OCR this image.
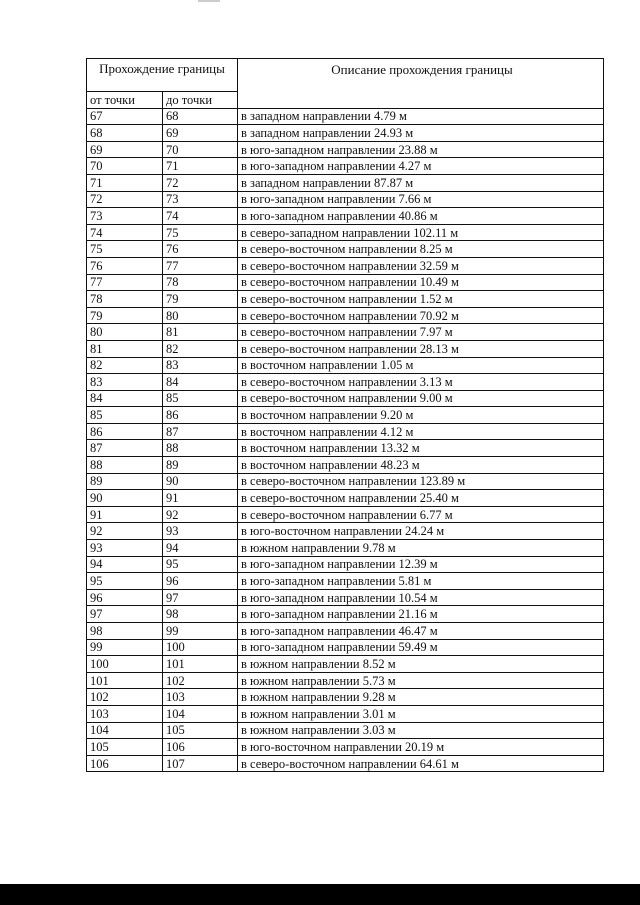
Прохождение границы		Описание прохождения границы
от точки	до точки	
67	68	в западном направлении 4.79 м
68	69	в западном направлении 24.93 м
69	70	в юго-западном направлении 23.88 м
70	71	в юго-западном направлении 4.27 м
71	72	в западном направлении 87.87 м
72	73	в юго-западном направлении 7.66 м
73	74	в юго-западном направлении 40.86 м
74	75	в северо-западном направлении 102.11 м
75	76	в северо-восточном направлении 8.25 м
76	77	в северо-восточном направлении 32.59 м
77	78	в северо-восточном направлении 10.49 м
78	79	в северо-восточном направлении 1.52 м
79	80	в северо-восточном направлении 70.92 м
80	81	в северо-восточном направлении 7.97 м
81	82	в северо-восточном направлении 28.13 м
82	83	в восточном направлении 1.05 м
83	84	в северо-восточном направлении 3.13 м
84	85	в северо-восточном направлении 9.00 м
85	86	в восточном направлении 9.20 м
86	87	в восточном направлении 4.12 м
87	88	в восточном направлении 13.32 м
88	89	в восточном направлении 48.23 м
89	90	в северо-восточном направлении 123.89 м
90	91	в северо-восточном направлении 25.40 м
91	92	в северо-восточном направлении 6.77 м
92	93	в юго-восточном направлении 24.24 м
93	94	в южном направлении 9.78 м
94	95	в юго-западном направлении 12.39 м
95	96	в юго-западном направлении 5.81 м
96	97	в юго-западном направлении 10.54 м
97	98	в юго-западном направлении 21.16 м
98	99	в юго-западном направлении 46.47 м
99	100	в юго-западном направлении 59.49 м
100	101	в южном направлении 8.52 м
101	102	в южном направлении 5.73 м
102	103	в южном направлении 9.28 м
103	104	в южном направлении 3.01 м
104	105	в южном направлении 3.03 м
105	106	в юго-восточном направлении 20.19 м
106	107	в северо-восточном направлении 64.61 м
